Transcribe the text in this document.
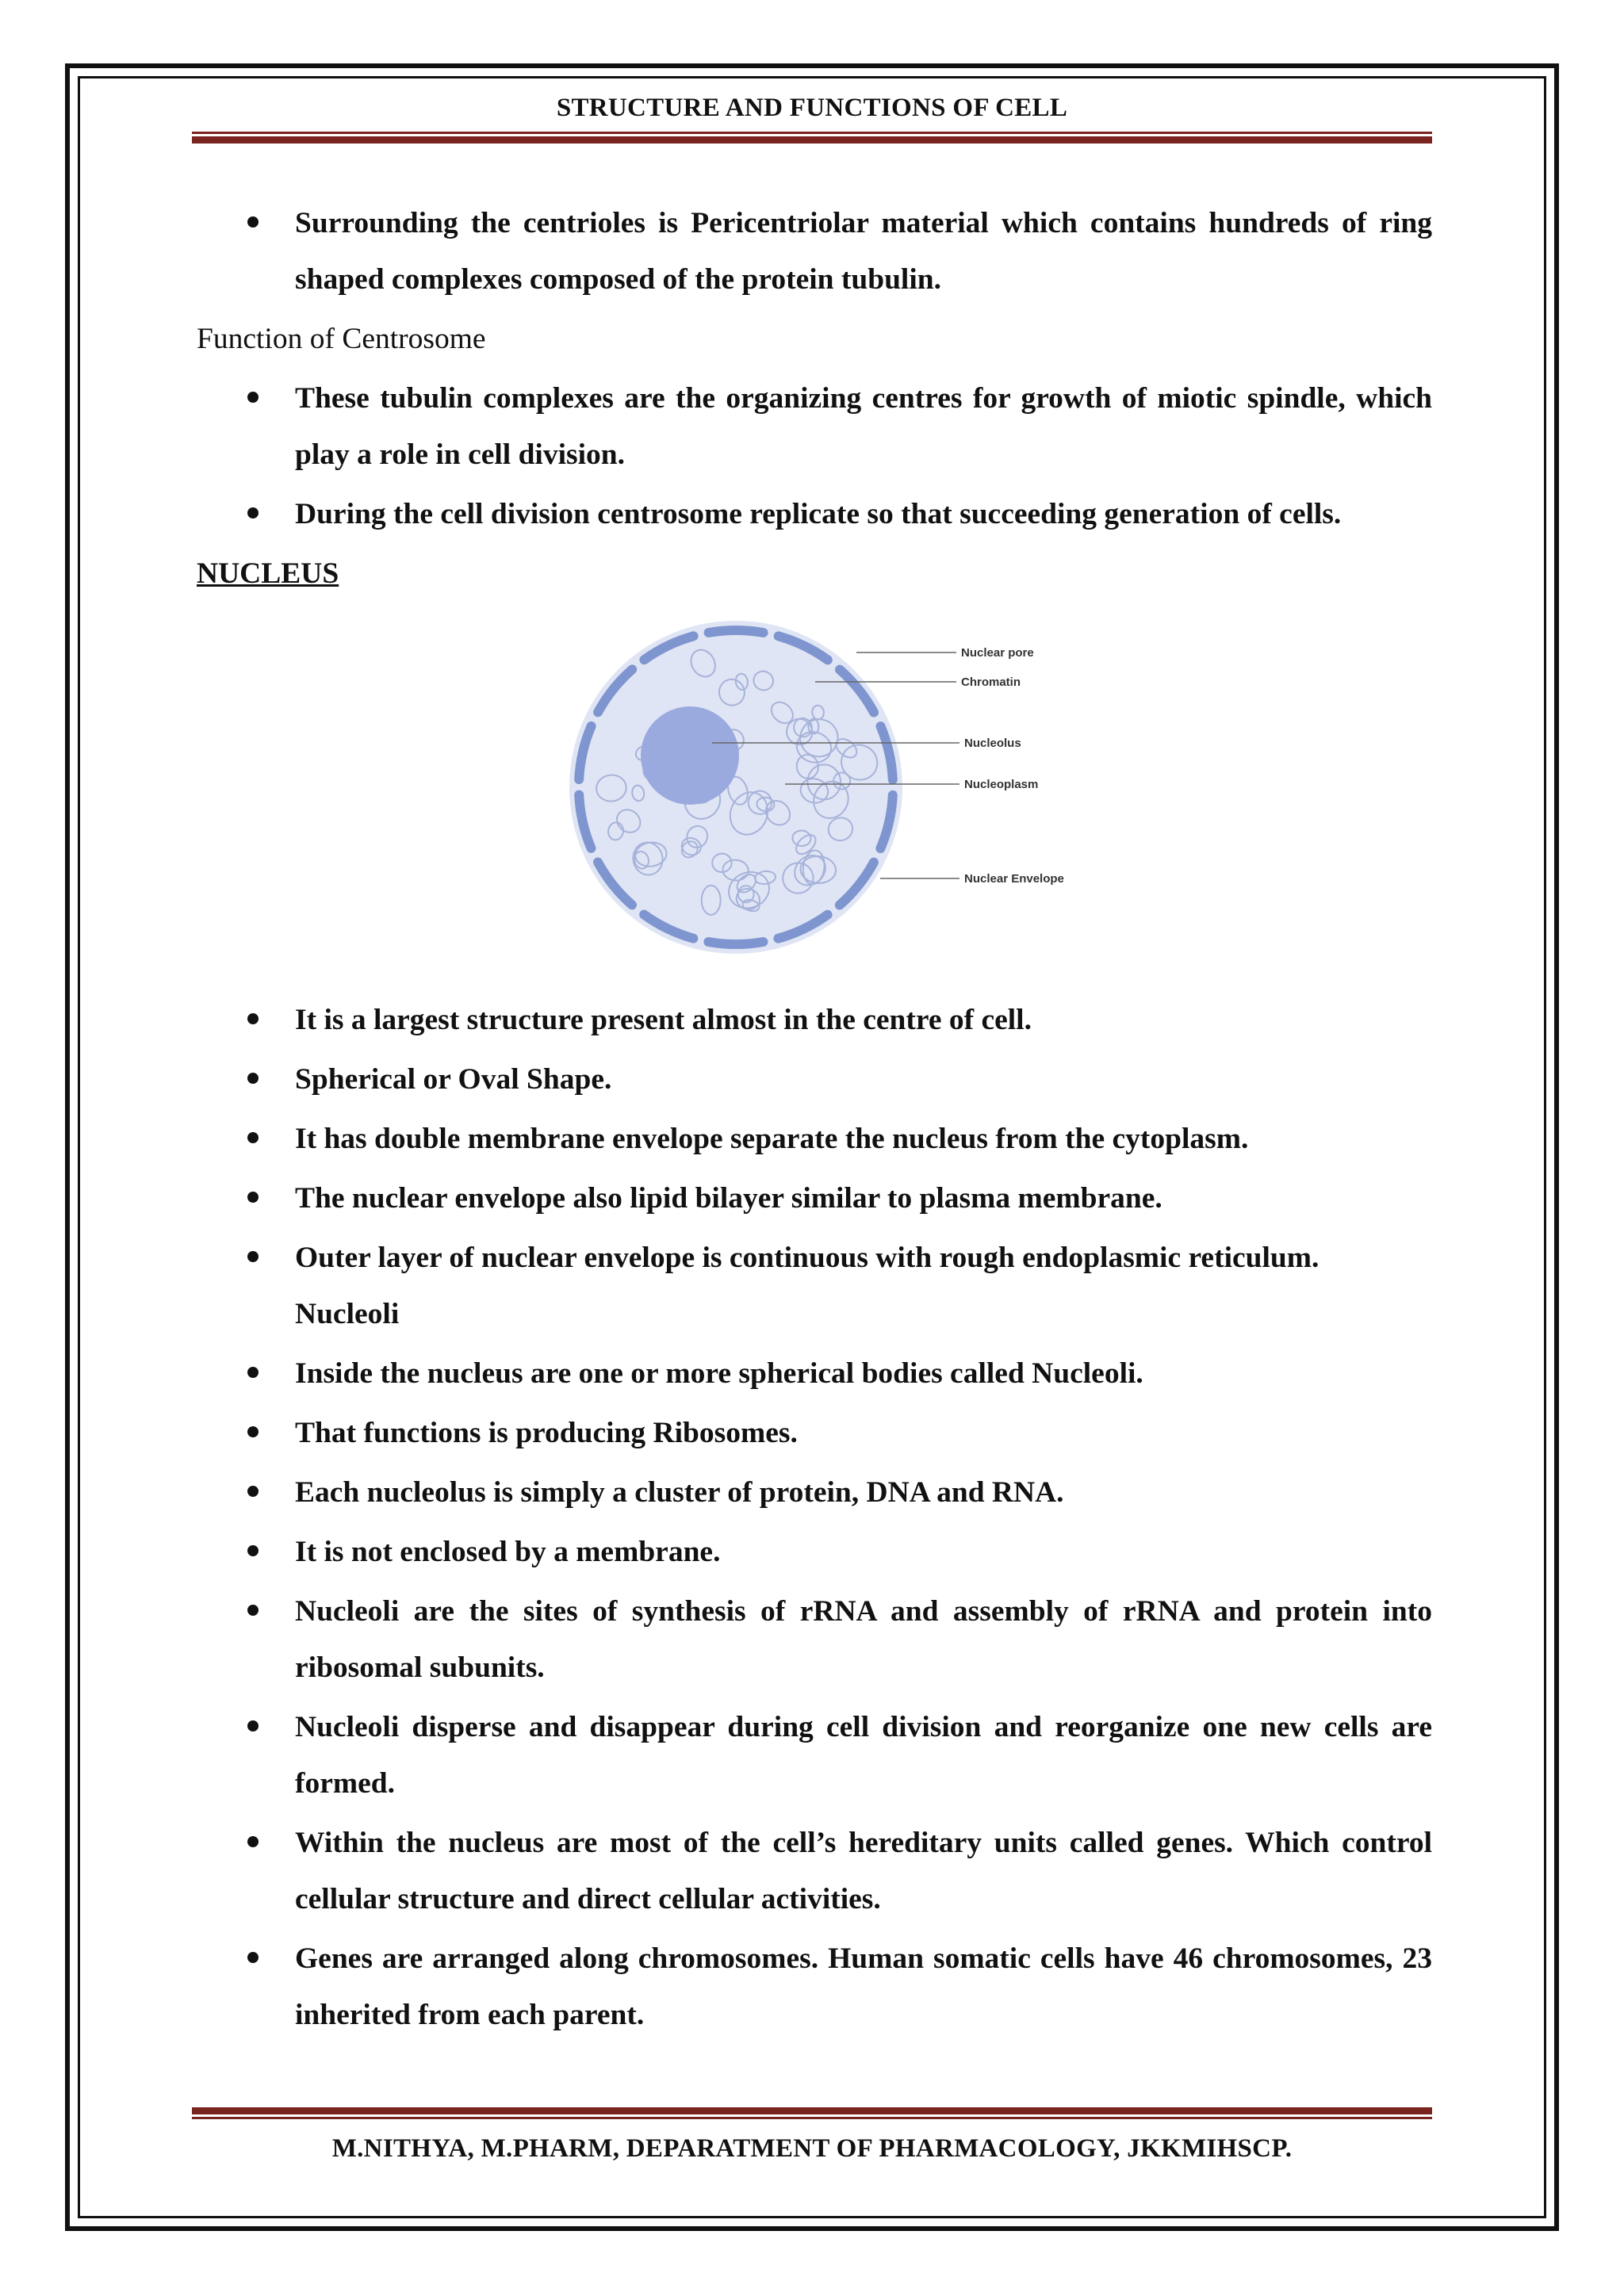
STRUCTURE AND FUNCTIONS OF CELL
Surrounding the centrioles is Pericentriolar material which contains hundreds of ring shaped complexes composed of the protein tubulin.
Function of Centrosome
These tubulin complexes are the organizing centres for growth of miotic spindle, which play a role in cell division.
During the cell division centrosome replicate so that succeeding generation of cells.
NUCLEUS
Nuclear pore
Chromatin
Nucleolus
Nucleoplasm
Nuclear Envelope
It is a largest structure present almost in the centre of cell.
Spherical or Oval Shape.
It has double membrane envelope separate the nucleus from the cytoplasm.
The nuclear envelope also lipid bilayer similar to plasma membrane.
Outer layer of nuclear envelope is continuous with rough endoplasmic reticulum.
Nucleoli
Inside the nucleus are one or more spherical bodies called Nucleoli.
That functions is producing Ribosomes.
Each nucleolus is simply a cluster of protein, DNA and RNA.
It is not enclosed by a membrane.
Nucleoli are the sites of synthesis of rRNA and assembly of rRNA and protein into ribosomal subunits.
Nucleoli disperse and disappear during cell division and reorganize one new cells are formed.
Within the nucleus are most of the cell’s hereditary units called genes. Which control cellular structure and direct cellular activities.
Genes are arranged along chromosomes. Human somatic cells have 46 chromosomes, 23 inherited from each parent.
M.NITHYA, M.PHARM, DEPARATMENT OF PHARMACOLOGY, JKKMIHSCP.
